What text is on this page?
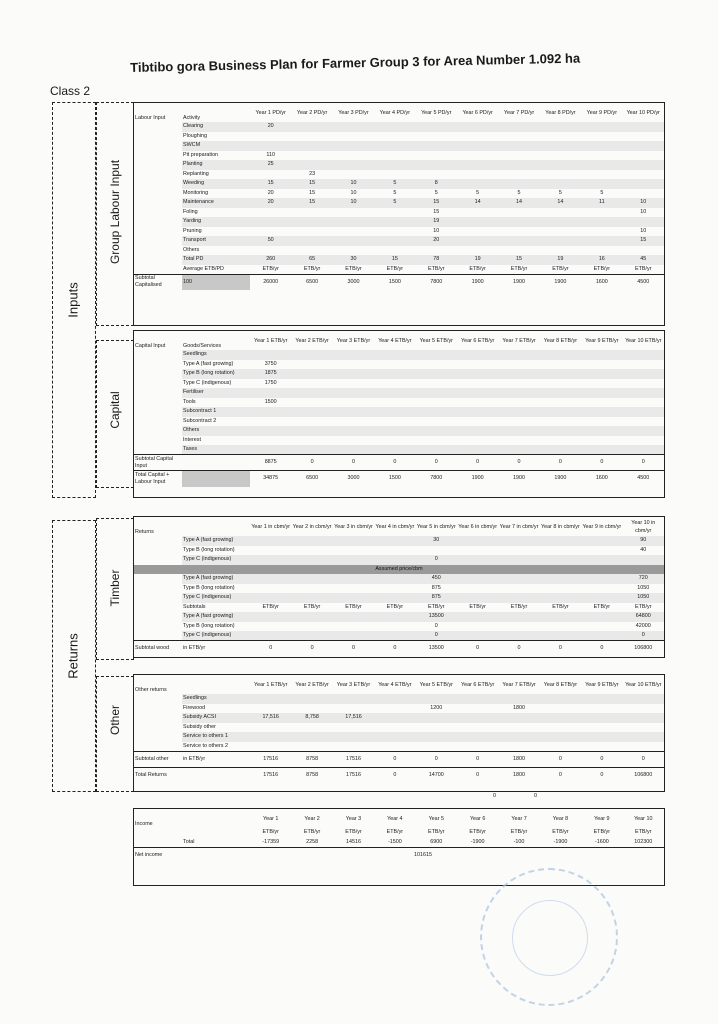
Tibtibo gora Business Plan for Farmer Group 3 for Area Number 1.092 ha
Class 2
Inputs
Returns
Group Labour Input
Capital
Timber
Other
Labour Input	Activity	Year 1 PD/yr	Year 2 PD/yr	Year 3 PD/yr	Year 4 PD/yr	Year 5 PD/yr	Year 6 PD/yr	Year 7 PD/yr	Year 8 PD/yr	Year 9 PD/yr	Year 10 PD/yr
	Clearing	20									
	Ploughing										
	SWCM										
	Pit preparation	110									
	Planting	25									
	Replanting		23								
	Weeding	15	15	10	5	8					
	Monitoring	20	15	10	5	5	5	5	5	5	
	Maintenance	20	15	10	5	15	14	14	14	11	10
	Foling					15					10
	Yarding					19					
	Pruning					10					10
	Transport	50				20					15
	Others										
	Total PD	260	65	30	15	78	19	15	19	16	45
	Average ETB/PD	ETB/yr	ETB/yr	ETB/yr	ETB/yr	ETB/yr	ETB/yr	ETB/yr	ETB/yr	ETB/yr	ETB/yr
Subtotal Capitalised	100	26000	6500	3000	1500	7800	1900	1900	1900	1600	4500
Capital Input	Goods/Services	Year 1 ETB/yr	Year 2 ETB/yr	Year 3 ETB/yr	Year 4 ETB/yr	Year 5 ETB/yr	Year 6 ETB/yr	Year 7 ETB/yr	Year 8 ETB/yr	Year 9 ETB/yr	Year 10 ETB/yr
	Seedlings										
	Type A (fast growing)	3750									
	Type B (long rotation)	1875									
	Type C (indigenous)	1750									
	Fertiliser										
	Tools	1500									
	Subcontract 1										
	Subcontract 2										
	Others										
	Interest										
	Taxes										
Subtotal Capital Input		8875	0	0	0	0	0	0	0	0	0
Total Capital + Labour Input		34875	6500	3000	1500	7800	1900	1900	1900	1600	4500
Returns		Year 1 in cbm/yr	Year 2 in cbm/yr	Year 3 in cbm/yr	Year 4 in cbm/yr	Year 5 in cbm/yr	Year 6 in cbm/yr	Year 7 in cbm/yr	Year 8 in cbm/yr	Year 9 in cbm/yr	Year 10 in cbm/yr
	Type A (fast growing)					30					90
	Type B (long rotation)										40
	Type C (indigenous)					0					
Assumed price/cbm											
	Type A (fast growing)					450					720
	Type B (long rotation)					875					1050
	Type C (indigenous)					875					1050
	Subtotals	ETB/yr	ETB/yr	ETB/yr	ETB/yr	ETB/yr	ETB/yr	ETB/yr	ETB/yr	ETB/yr	ETB/yr
	Type A (fast growing)					13500					64800
	Type B (long rotation)					0					42000
	Type C (indigenous)					0					0
Subtotal wood	in ETB/yr	0	0	0	0	13500	0	0	0	0	106800
Other returns		Year 1 ETB/yr	Year 2 ETB/yr	Year 3 ETB/yr	Year 4 ETB/yr	Year 5 ETB/yr	Year 6 ETB/yr	Year 7 ETB/yr	Year 8 ETB/yr	Year 9 ETB/yr	Year 10 ETB/yr
	Seedlings										
	Firewood					1200		1800			
	Subsidy ACSI	17,516	8,758	17,516							
	Subsidy other										
	Service to others 1										
	Service to others 2										
Subtotal other	in ETB/yr	17516	8758	17516	0	0	0	1800	0	0	0
Total Returns		17516	8758	17516	0	14700	0	1800	0	0	106800
0	0
Income		Year 1	Year 2	Year 3	Year 4	Year 5	Year 6	Year 7	Year 8	Year 9	Year 10
		ETB/yr	ETB/yr	ETB/yr	ETB/yr	ETB/yr	ETB/yr	ETB/yr	ETB/yr	ETB/yr	ETB/yr
	Total	-17359	2258	14516	-1500	6900	-1900	-100	-1900	-1600	102300
Net income	101615										
